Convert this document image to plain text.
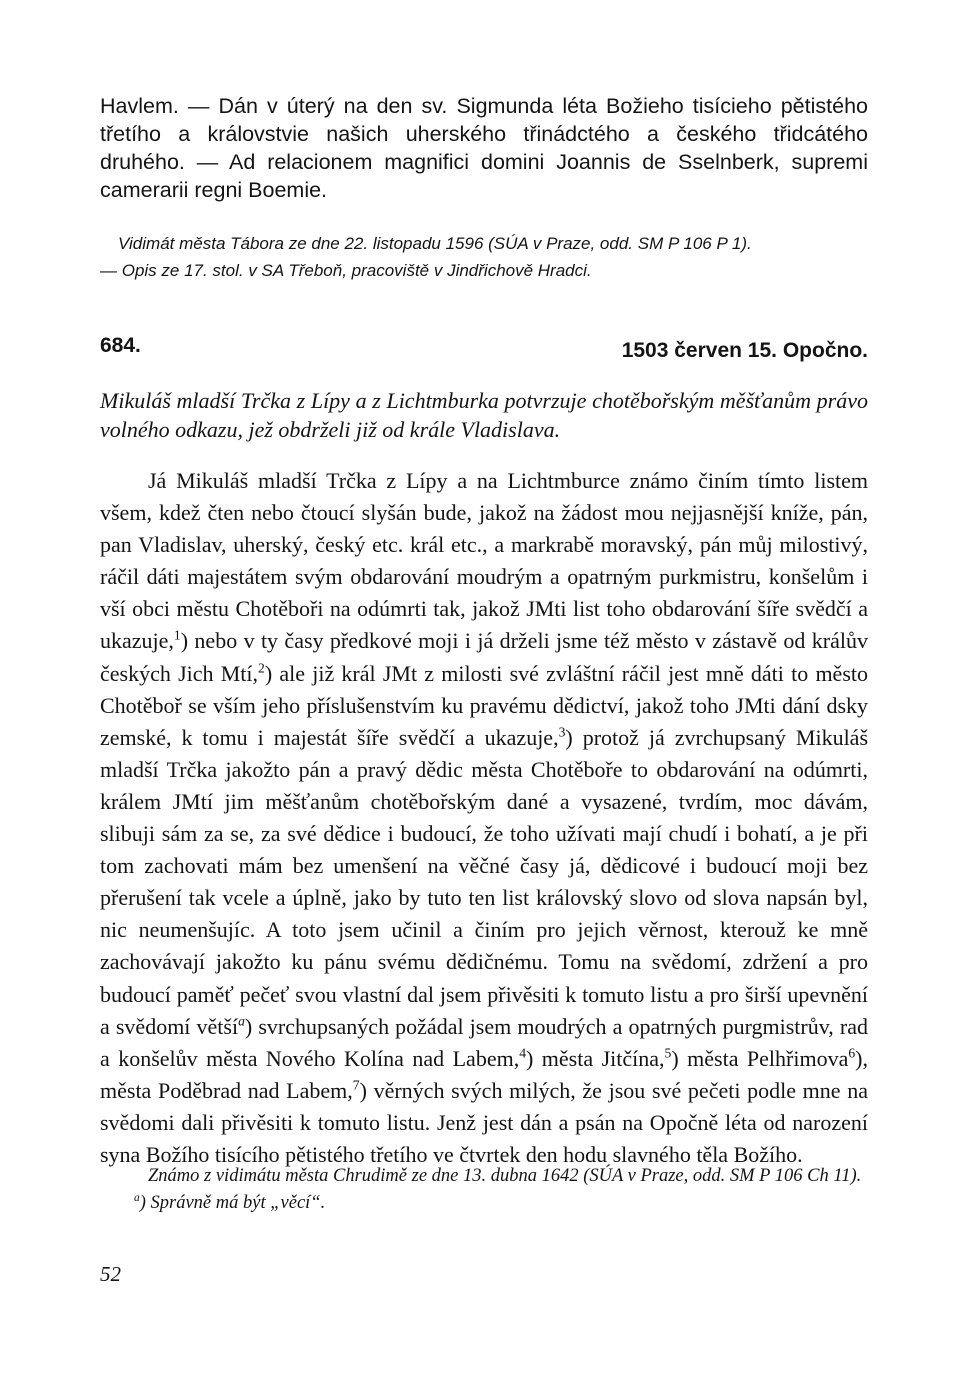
Havlem. — Dán v úterý na den sv. Sigmunda léta Božieho tisícieho pětistého třetího a královstvie našich uherského třinádctého a českého třidcátého druhého. — Ad relacionem magnifici domini Joannis de Sselnberk, supremi camerarii regni Boemie.
Vidimát města Tábora ze dne 22. listopadu 1596 (SÚA v Praze, odd. SM P 106 P 1).
— Opis ze 17. stol. v SA Třeboň, pracoviště v Jindřichově Hradci.
684.	1503 červen 15. Opočno.
Mikuláš mladší Trčka z Lípy a z Lichtmburka potvrzuje chotěbořským měšťanům právo volného odkazu, jež obdrželi již od krále Vladislava.
Já Mikuláš mladší Trčka z Lípy a na Lichtmburce známo činím tímto listem všem, kdež čten nebo čtoucí slyšán bude, jakož na žádost mou nejjasnější kníže, pán, pan Vladislav, uherský, český etc. král etc., a markrabě moravský, pán můj milostivý, ráčil dáti majestátem svým obdarování moudrým a opatrným purkmistru, konšelům i vší obci městu Chotěboři na odúmrti tak, jakož JMti list toho obdarování šíře svědčí a ukazuje,$^1$) nebo v ty časy předkové moji i já drželi jsme též město v zástavě od králův českých Jich Mtí,$^2$) ale již král JMt z milosti své zvláštní ráčil jest mně dáti to město Chotěboř se vším jeho příslušenstvím ku pravému dědictví, jakož toho JMti dání dsky zemské, k tomu i majestát šíře svědčí a ukazuje,$^3$) protož já zvrchupsaný Mikuláš mladší Trčka jakožto pán a pravý dědic města Chotěboře to obdarování na odúmrti, králem JMtí jim měšťanům chotěbořským dané a vysazené, tvrdím, moc dávám, slibuji sám za se, za své dědice i budoucí, že toho užívati mají chudí i bohatí, a je při tom zachovati mám bez umenšení na věčné časy já, dědicové i budoucí moji bez přerušení tak vcele a úplně, jako by tuto ten list královský slovo od slova napsán byl, nic neumenšujíc. A toto jsem učinil a činím pro jejich věrnost, kterouž ke mně zachovávají jakožto ku pánu svému dědičnému. Tomu na svědomí, zdržení a pro budoucí paměť pečeť svou vlastní dal jsem přivěsiti k tomuto listu a pro širší upevnění a svědomí větší$^a$) svrchupsaných požádal jsem moudrých a opatrných purgmistrův, rad a konšelův města Nového Kolína nad Labem,$^4$) města Jitčína,$^5$) města Pelhřimova$^6$), města Poděbrad nad Labem,$^7$) věrných svých milých, že jsou své pečeti podle mne na svědomi dali přivěsiti k tomuto listu. Jenž jest dán a psán na Opočně léta od narození syna Božího tisícího pětistého třetího ve čtvrtek den hodu slavného těla Božího.
Známo z vidimátu města Chrudimě ze dne 13. dubna 1642 (SÚA v Praze, odd. SM P 106 Ch 11).
$^a$) Správně má být „věcí“.
52
